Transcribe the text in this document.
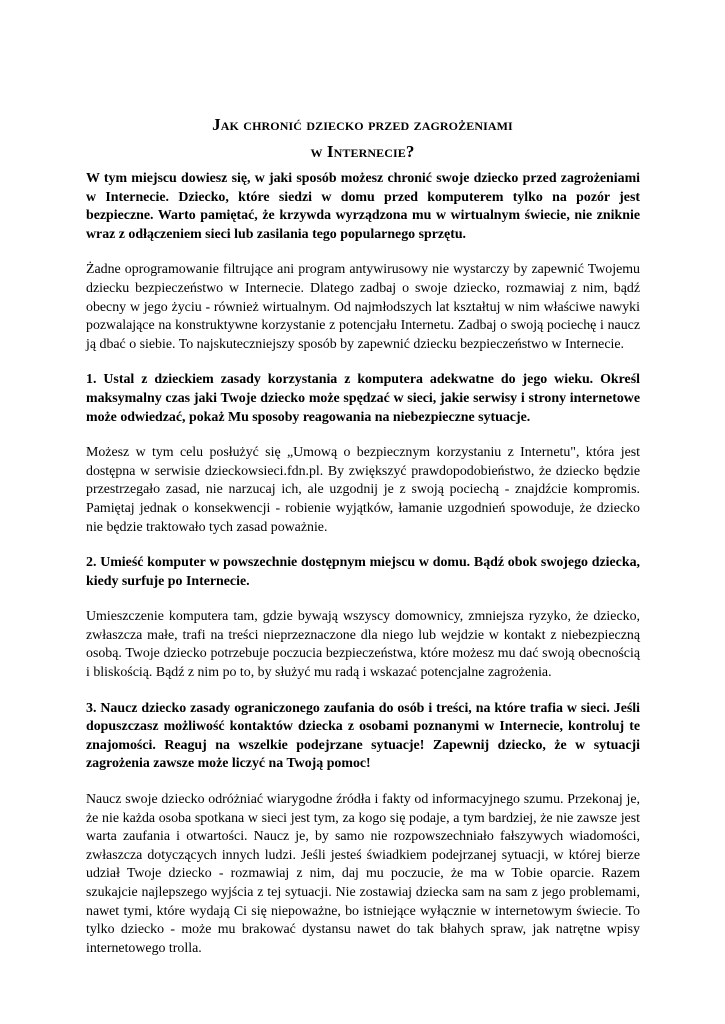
Jak chronić dziecko przed zagrożeniami
w Internecie?

W tym miejscu dowiesz się, w jaki sposób możesz chronić swoje dziecko przed zagrożeniami w Internecie. Dziecko, które siedzi w domu przed komputerem tylko na pozór jest bezpieczne. Warto pamiętać, że krzywda wyrządzona mu w wirtualnym świecie, nie zniknie wraz z odłączeniem sieci lub zasilania tego popularnego sprzętu.

Żadne oprogramowanie filtrujące ani program antywirusowy nie wystarczy by zapewnić Twojemu dziecku bezpieczeństwo w Internecie. Dlatego zadbaj o swoje dziecko, rozmawiaj z nim, bądź obecny w jego życiu - również wirtualnym. Od najmłodszych lat kształtuj w nim właściwe nawyki pozwalające na konstruktywne korzystanie z potencjału Internetu. Zadbaj o swoją pociechę i naucz ją dbać o siebie. To najskuteczniejszy sposób by zapewnić dziecku bezpieczeństwo w Internecie.

1. Ustal z dzieckiem zasady korzystania z komputera adekwatne do jego wieku. Określ maksymalny czas jaki Twoje dziecko może spędzać w sieci, jakie serwisy i strony internetowe może odwiedzać, pokaż Mu sposoby reagowania na niebezpieczne sytuacje.

Możesz w tym celu posłużyć się „Umową o bezpiecznym korzystaniu z Internetu", która jest dostępna w serwisie dzieckowsieci.fdn.pl. By zwiększyć prawdopodobieństwo, że dziecko będzie przestrzegało zasad, nie narzucaj ich, ale uzgodnij je z swoją pociechą - znajdźcie kompromis. Pamiętaj jednak o konsekwencji - robienie wyjątków, łamanie uzgodnień spowoduje, że dziecko nie będzie traktowało tych zasad poważnie.

2. Umieść komputer w powszechnie dostępnym miejscu w domu. Bądź obok swojego dziecka, kiedy surfuje po Internecie.

Umieszczenie komputera tam, gdzie bywają wszyscy domownicy, zmniejsza ryzyko, że dziecko, zwłaszcza małe, trafi na treści nieprzeznaczone dla niego lub wejdzie w kontakt z niebezpieczną osobą. Twoje dziecko potrzebuje poczucia bezpieczeństwa, które możesz mu dać swoją obecnością i bliskością. Bądź z nim po to, by służyć mu radą i wskazać potencjalne zagrożenia.

3. Naucz dziecko zasady ograniczonego zaufania do osób i treści, na które trafia w sieci. Jeśli dopuszczasz możliwość kontaktów dziecka z osobami poznanymi w Internecie, kontroluj te znajomości. Reaguj na wszelkie podejrzane sytuacje! Zapewnij dziecko, że w sytuacji zagrożenia zawsze może liczyć na Twoją pomoc!

Naucz swoje dziecko odróżniać wiarygodne źródła i fakty od informacyjnego szumu. Przekonaj je, że nie każda osoba spotkana w sieci jest tym, za kogo się podaje, a tym bardziej, że nie zawsze jest warta zaufania i otwartości. Naucz je, by samo nie rozpowszechniało fałszywych wiadomości, zwłaszcza dotyczących innych ludzi. Jeśli jesteś świadkiem podejrzanej sytuacji, w której bierze udział Twoje dziecko - rozmawiaj z nim, daj mu poczucie, że ma w Tobie oparcie. Razem szukajcie najlepszego wyjścia z tej sytuacji. Nie zostawiaj dziecka sam na sam z jego problemami, nawet tymi, które wydają Ci się niepoważne, bo istniejące wyłącznie w internetowym świecie. To tylko dziecko - może mu brakować dystansu nawet do tak błahych spraw, jak natrętne wpisy internetowego trolla.
